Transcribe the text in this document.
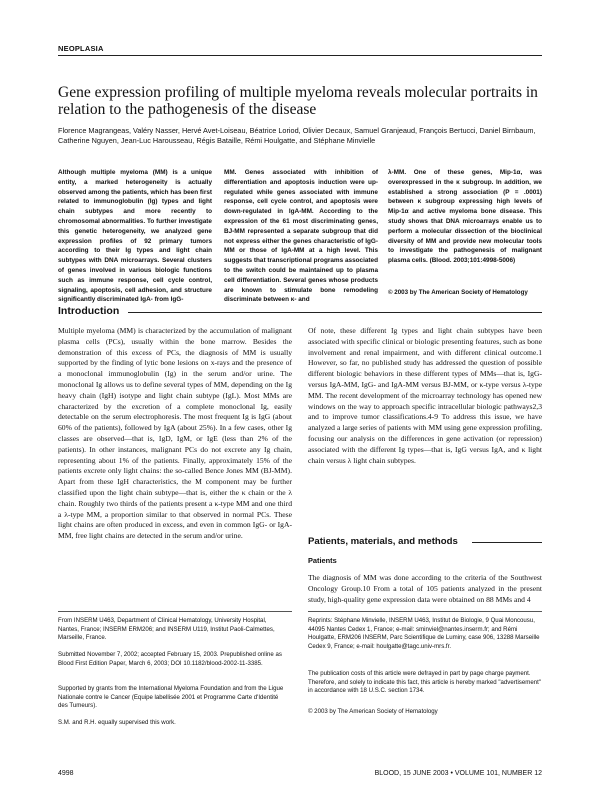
NEOPLASIA
Gene expression profiling of multiple myeloma reveals molecular portraits in relation to the pathogenesis of the disease

Florence Magrangeas, Valéry Nasser, Hervé Avet-Loiseau, Béatrice Loriod, Olivier Decaux, Samuel Granjeaud, François Bertucci, Daniel Birnbaum, Catherine Nguyen, Jean-Luc Harousseau, Régis Bataille, Rémi Houlgatte, and Stéphane Minvielle

Although multiple myeloma (MM) is a unique entity, a marked heterogeneity is actually observed among the patients, which has been first related to immunoglobulin (Ig) types and light chain subtypes and more recently to chromosomal abnormalities. To further investigate this genetic heterogeneity, we analyzed gene expression profiles of 92 primary tumors according to their Ig types and light chain subtypes with DNA microarrays. Several clusters of genes involved in various biologic functions such as immune response, cell cycle control, signaling, apoptosis, cell adhesion, and structure significantly discriminated IgA- from IgG-

MM. Genes associated with inhibition of differentiation and apoptosis induction were up-regulated while genes associated with immune response, cell cycle control, and apoptosis were down-regulated in IgA-MM. According to the expression of the 61 most discriminating genes, BJ-MM represented a separate subgroup that did not express either the genes characteristic of IgG-MM or those of IgA-MM at a high level. This suggests that transcriptional programs associated to the switch could be maintained up to plasma cell differentiation. Several genes whose products are known to stimulate bone remodeling discriminate between κ- and

λ-MM. One of these genes, Mip-1α, was overexpressed in the κ subgroup. In addition, we established a strong association (P = .0001) between κ subgroup expressing high levels of Mip-1α and active myeloma bone disease. This study shows that DNA microarrays enable us to perform a molecular dissection of the bioclinical diversity of MM and provide new molecular tools to investigate the pathogenesis of malignant plasma cells. (Blood. 2003;101:4998-5006)

© 2003 by The American Society of Hematology

Introduction

Multiple myeloma (MM) is characterized by the accumulation of malignant plasma cells (PCs), usually within the bone marrow. Besides the demonstration of this excess of PCs, the diagnosis of MM is usually supported by the finding of lytic bone lesions on x-rays and the presence of a monoclonal immunoglobulin (Ig) in the serum and/or urine. The monoclonal Ig allows us to define several types of MM, depending on the Ig heavy chain (IgH) isotype and light chain subtype (IgL). Most MMs are characterized by the excretion of a complete monoclonal Ig, easily detectable on the serum electrophoresis. The most frequent Ig is IgG (about 60% of the patients), followed by IgA (about 25%). In a few cases, other Ig classes are observed—that is, IgD, IgM, or IgE (less than 2% of the patients). In other instances, malignant PCs do not excrete any Ig chain, representing about 1% of the patients. Finally, approximately 15% of the patients excrete only light chains: the so-called Bence Jones MM (BJ-MM). Apart from these IgH characteristics, the M component may be further classified upon the light chain subtype—that is, either the κ chain or the λ chain. Roughly two thirds of the patients present a κ-type MM and one third a λ-type MM, a proportion similar to that observed in normal PCs. These light chains are often produced in excess, and even in common IgG- or IgA-MM, free light chains are detected in the serum and/or urine.

Of note, these different Ig types and light chain subtypes have been associated with specific clinical or biologic presenting features, such as bone involvement and renal impairment, and with different clinical outcome.1 However, so far, no published study has addressed the question of possible different biologic behaviors in these different types of MMs—that is, IgG- versus IgA-MM, IgG- and IgA-MM versus BJ-MM, or κ-type versus λ-type MM. The recent development of the microarray technology has opened new windows on the way to approach specific intracellular biologic pathways2,3 and to improve tumor classifications.4-9 To address this issue, we have analyzed a large series of patients with MM using gene expression profiling, focusing our analysis on the differences in gene activation (or repression) associated with the different Ig types—that is, IgG versus IgA, and κ light chain versus λ light chain subtypes.

Patients, materials, and methods
Patients

The diagnosis of MM was done according to the criteria of the Southwest Oncology Group.10 From a total of 105 patients analyzed in the present study, high-quality gene expression data were obtained on 88 MMs and 4

From INSERM U463, Department of Clinical Hematology, University Hospital, Nantes, France; INSERM ERM206; and INSERM U119, Institut Paoli-Calmettes, Marseille, France.

Submitted November 7, 2002; accepted February 15, 2003. Prepublished online as Blood First Edition Paper, March 6, 2003; DOI 10.1182/blood-2002-11-3385.

Supported by grants from the International Myeloma Foundation and from the Ligue Nationale contre le Cancer (Equipe labellisée 2001 et Programme Carte d'Identité des Tumeurs).

S.M. and R.H. equally supervised this work.

Reprints: Stéphane Minvielle, INSERM U463, Institut de Biologie, 9 Quai Moncousu, 44095 Nantes Cedex 1, France; e-mail: sminviel@nantes.inserm.fr; and Rémi Houlgatte, ERM206 INSERM, Parc Scientifique de Luminy, case 906, 13288 Marseille Cedex 9, France; e-mail: houlgatte@tagc.univ-mrs.fr.

The publication costs of this article were defrayed in part by page charge payment. Therefore, and solely to indicate this fact, this article is hereby marked "advertisement" in accordance with 18 U.S.C. section 1734.

© 2003 by The American Society of Hematology

4998	BLOOD, 15 JUNE 2003 • VOLUME 101, NUMBER 12
